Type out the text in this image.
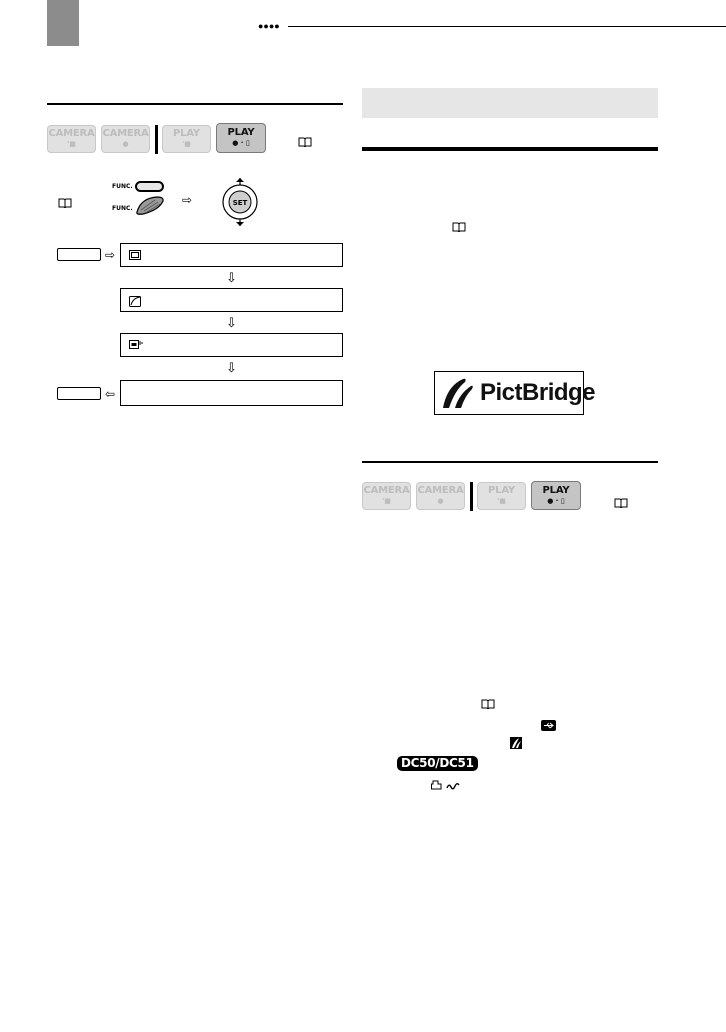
●●●●
CAMERA
'■
CAMERA
●
PLAY
'■
PLAY
● · ▯
FUNC.
FUNC.
⇨	SET
⇨
⇩
⇩
⇩
⇦	PictBridge
CAMERA
'■
CAMERA
●
PLAY
'■
PLAY
● · ▯
DC50/DC51
